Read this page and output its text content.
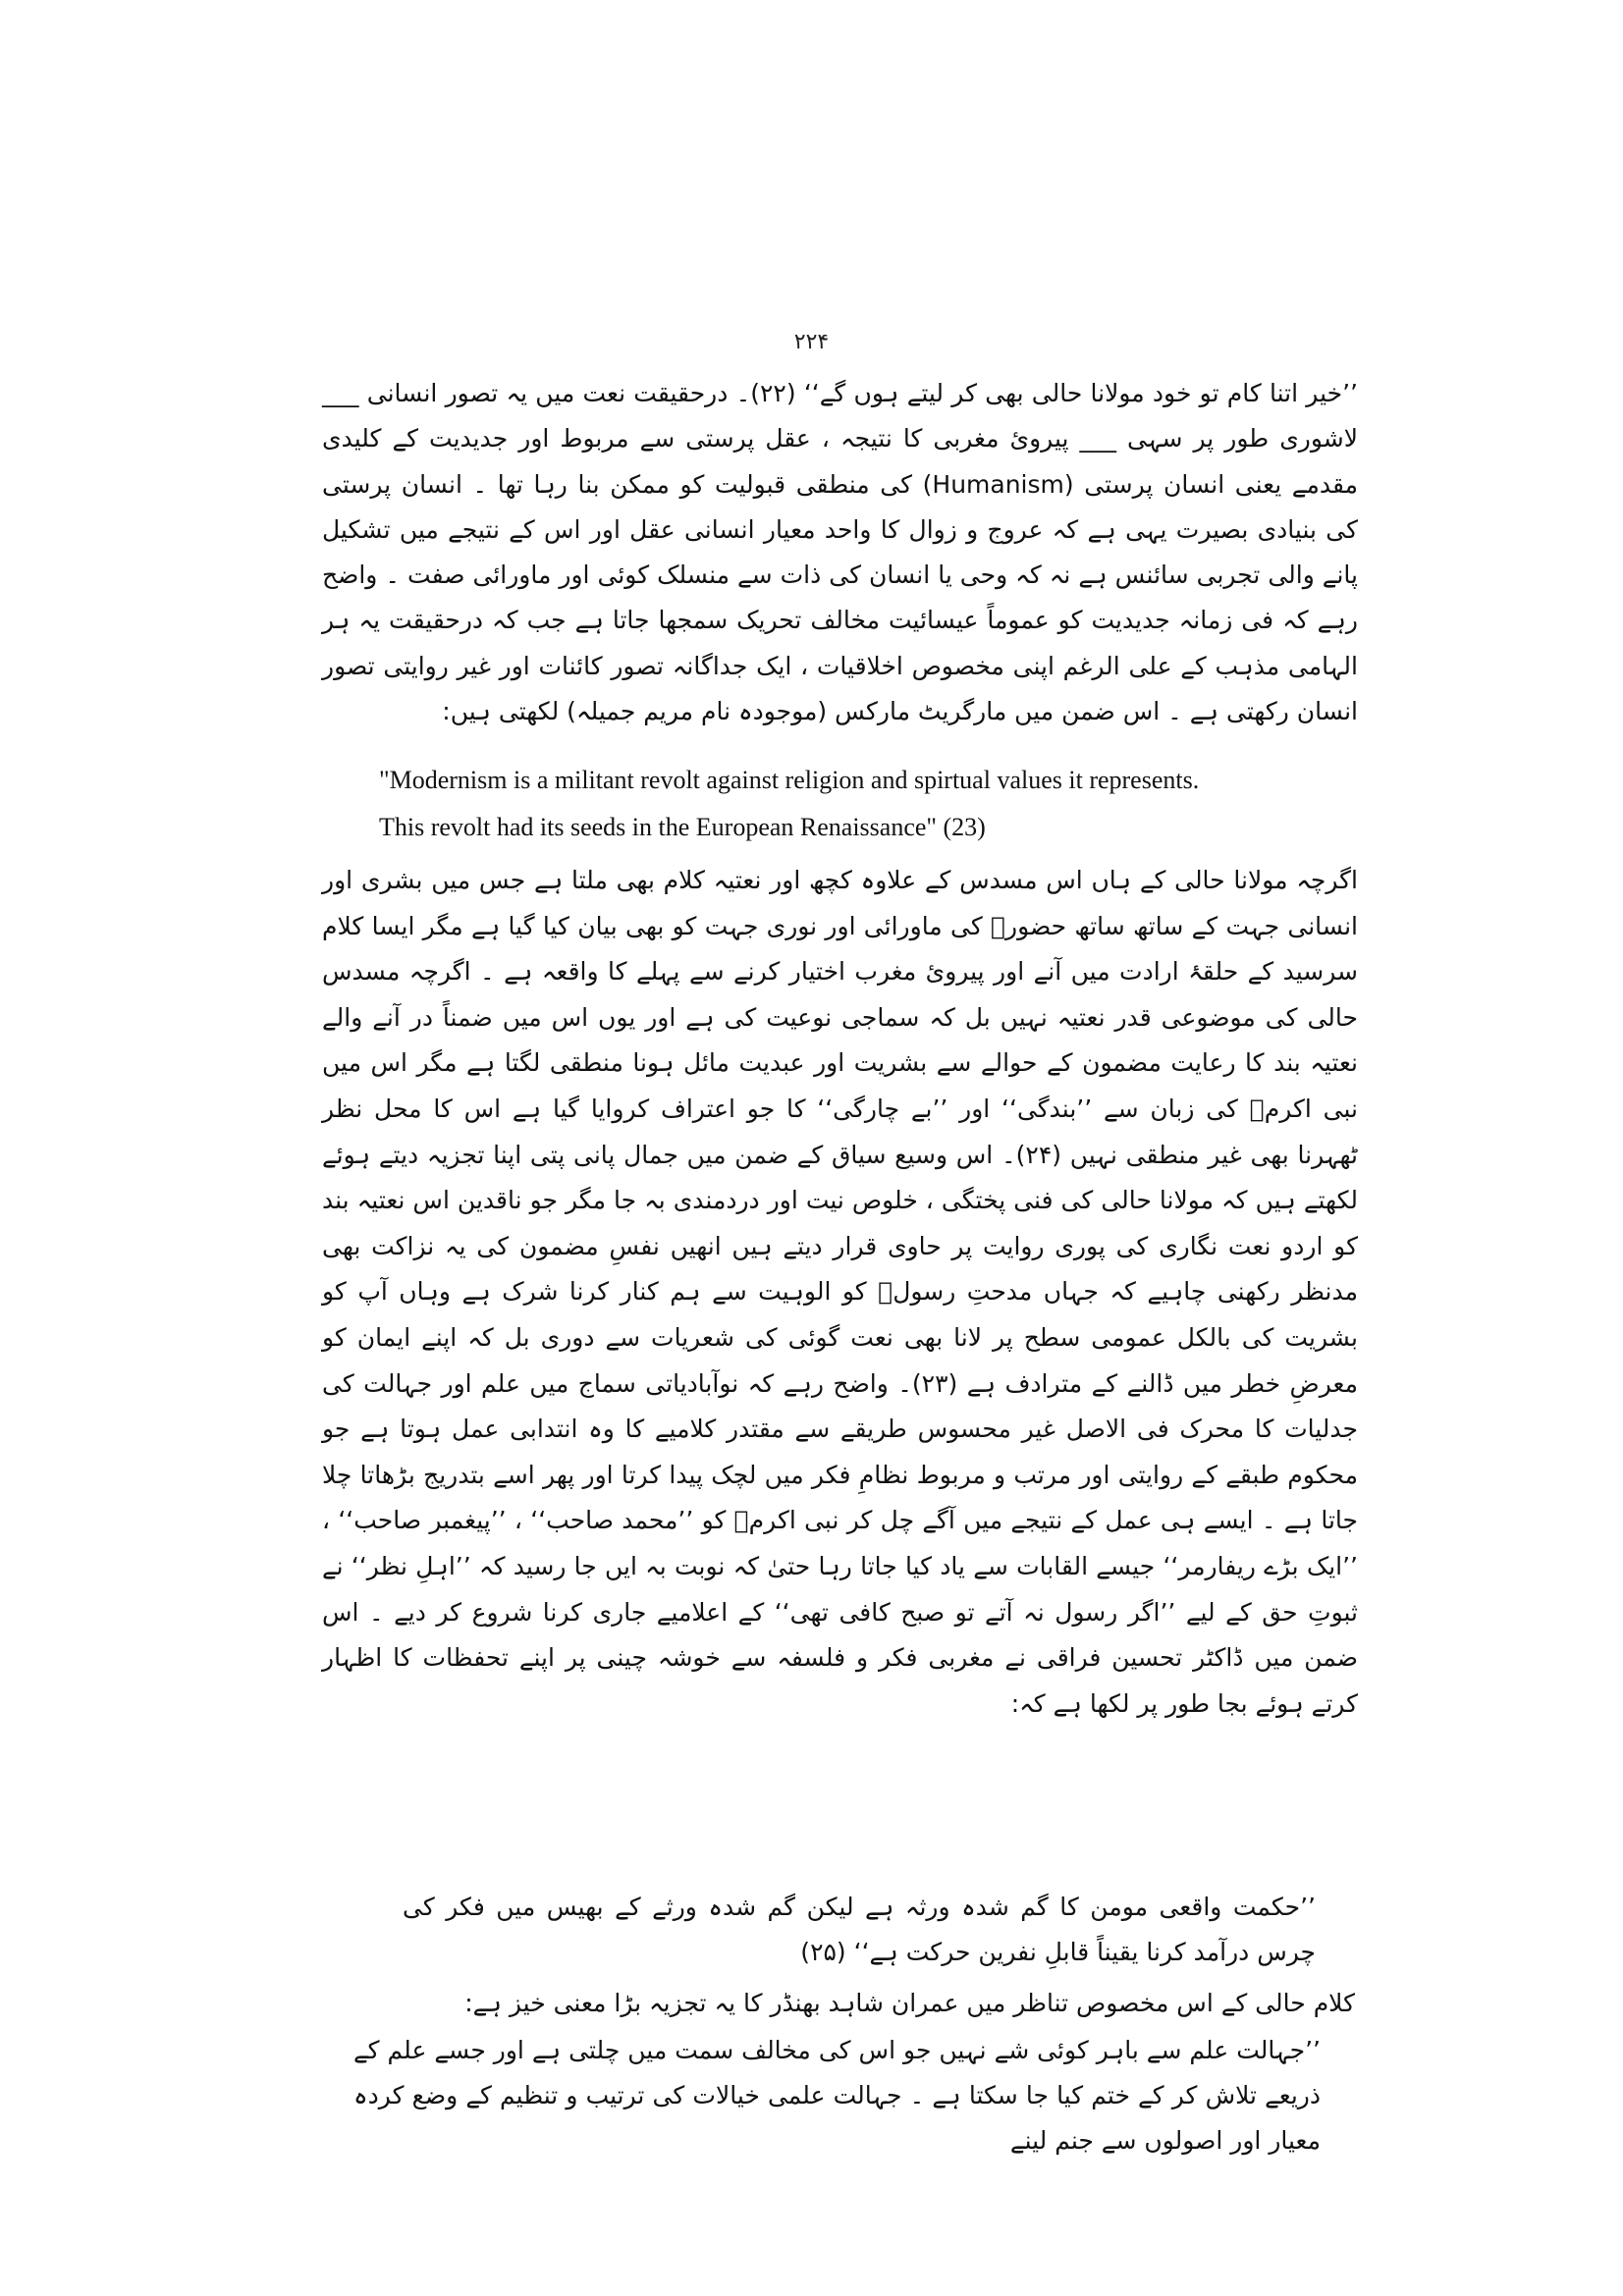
۲۲۴

’’خیر اتنا کام تو خود مولانا حالی بھی کر لیتے ہوں گے‘‘ (۲۲)۔ درحقیقت نعت میں یہ تصور انسانی ___ لاشوری طور پر سہی ___ پیرویٔ مغربی کا نتیجہ ، عقل پرستی سے مربوط اور جدیدیت کے کلیدی مقدمے یعنی انسان پرستی (Humanism) کی منطقی قبولیت کو ممکن بنا رہا تھا ۔ انسان پرستی کی بنیادی بصیرت یہی ہے کہ عروج و زوال کا واحد معیار انسانی عقل اور اس کے نتیجے میں تشکیل پانے والی تجربی سائنس ہے نہ کہ وحی یا انسان کی ذات سے منسلک کوئی اور ماورائی صفت ۔ واضح رہے کہ فی زمانہ جدیدیت کو عموماً عیسائیت مخالف تحریک سمجھا جاتا ہے جب کہ درحقیقت یہ ہر الہامی مذہب کے علی الرغم اپنی مخصوص اخلاقیات ، ایک جداگانہ تصور کائنات اور غیر روایتی تصور انسان رکھتی ہے ۔ اس ضمن میں مارگریٹ مارکس (موجودہ نام مریم جمیلہ) لکھتی ہیں:

"Modernism is a militant revolt against religion and spirtual values it represents.
This revolt had its seeds in the European Renaissance" (23)

اگرچہ مولانا حالی کے ہاں اس مسدس کے علاوہ کچھ اور نعتیہ کلام بھی ملتا ہے جس میں بشری اور انسانی جہت کے ساتھ ساتھ حضورؐ کی ماورائی اور نوری جہت کو بھی بیان کیا گیا ہے مگر ایسا کلام سرسید کے حلقۂ ارادت میں آنے اور پیرویٔ مغرب اختیار کرنے سے پہلے کا واقعہ ہے ۔ اگرچہ مسدس حالی کی موضوعی قدر نعتیہ نہیں بل کہ سماجی نوعیت کی ہے اور یوں اس میں ضمناً در آنے والے نعتیہ بند کا رعایت مضمون کے حوالے سے بشریت اور عبدیت مائل ہونا منطقی لگتا ہے مگر اس میں نبی اکرمؐ کی زبان سے ’’بندگی‘‘ اور ’’بے چارگی‘‘ کا جو اعتراف کروایا گیا ہے اس کا محل نظر ٹھہرنا بھی غیر منطقی نہیں (۲۴)۔ اس وسیع سیاق کے ضمن میں جمال پانی پتی اپنا تجزیہ دیتے ہوئے لکھتے ہیں کہ مولانا حالی کی فنی پختگی ، خلوص نیت اور دردمندی بہ جا مگر جو ناقدین اس نعتیہ بند کو اردو نعت نگاری کی پوری روایت پر حاوی قرار دیتے ہیں انھیں نفسِ مضمون کی یہ نزاکت بھی مدنظر رکھنی چاہیے کہ جہاں مدحتِ رسولؐ کو الوہیت سے ہم کنار کرنا شرک ہے وہاں آپ کو بشریت کی بالکل عمومی سطح پر لانا بھی نعت گوئی کی شعریات سے دوری بل کہ اپنے ایمان کو معرضِ خطر میں ڈالنے کے مترادف ہے (۲۳)۔ واضح رہے کہ نوآبادیاتی سماج میں علم اور جہالت کی جدلیات کا محرک فی الاصل غیر محسوس طریقے سے مقتدر کلامیے کا وہ انتدابی عمل ہوتا ہے جو محکوم طبقے کے روایتی اور مرتب و مربوط نظامِ فکر میں لچک پیدا کرتا اور پھر اسے بتدریج بڑھاتا چلا جاتا ہے ۔ ایسے ہی عمل کے نتیجے میں آگے چل کر نبی اکرمؐ کو ’’محمد صاحب‘‘ ، ’’پیغمبر صاحب‘‘ ، ’’ایک بڑے ریفارمر‘‘ جیسے القابات سے یاد کیا جاتا رہا حتیٰ کہ نوبت بہ ایں جا رسید کہ ’’اہلِ نظر‘‘ نے ثبوتِ حق کے لیے ’’اگر رسول نہ آتے تو صبح کافی تھی‘‘ کے اعلامیے جاری کرنا شروع کر دیے ۔ اس ضمن میں ڈاکٹر تحسین فراقی نے مغربی فکر و فلسفہ سے خوشہ چینی پر اپنے تحفظات کا اظہار کرتے ہوئے بجا طور پر لکھا ہے کہ:

’’حکمت واقعی مومن کا گم شدہ ورثہ ہے لیکن گم شدہ ورثے کے بھیس میں فکر کی چرس درآمد کرنا یقیناً قابلِ نفرین حرکت ہے‘‘ (۲۵)

کلام حالی کے اس مخصوص تناظر میں عمران شاہد بھنڈر کا یہ تجزیہ بڑا معنی خیز ہے:

’’جہالت علم سے باہر کوئی شے نہیں جو اس کی مخالف سمت میں چلتی ہے اور جسے علم کے ذریعے تلاش کر کے ختم کیا جا سکتا ہے ۔ جہالت علمی خیالات کی ترتیب و تنظیم کے وضع کردہ معیار اور اصولوں سے جنم لینے
